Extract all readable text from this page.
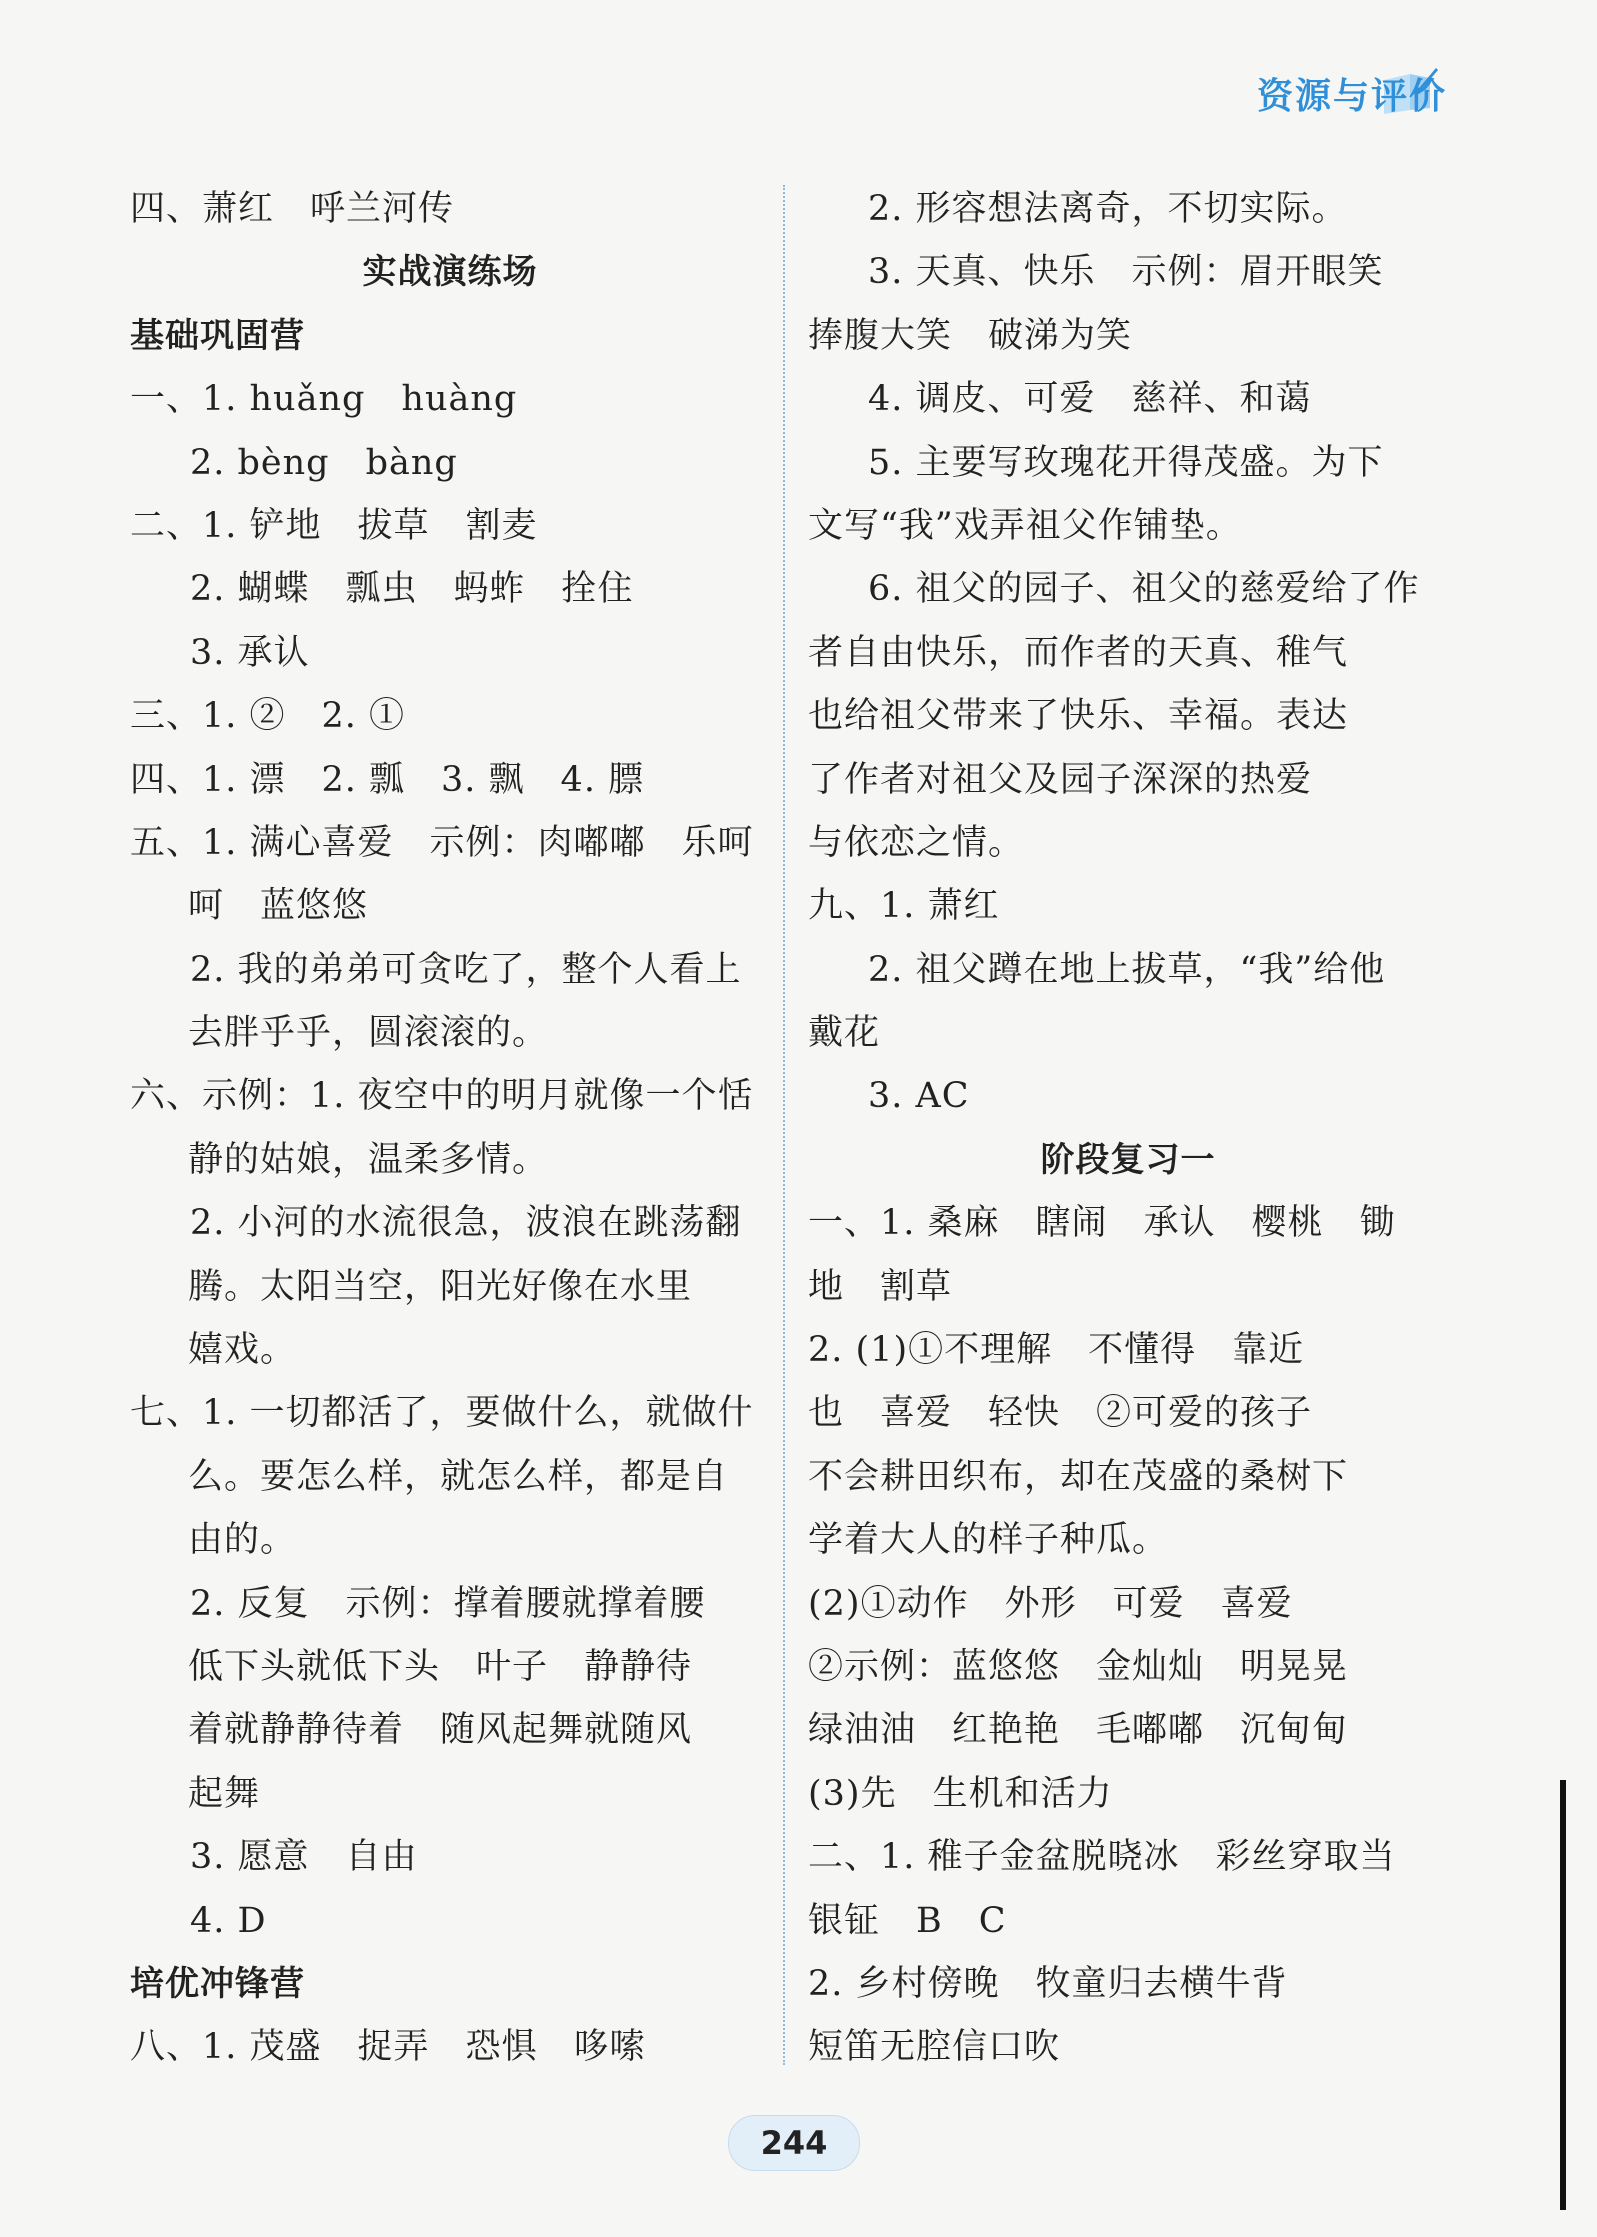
资源与评价
四、萧红　呼兰河传
实战演练场
基础巩固营
一、1. huǎng　huàng
2. bèng　bàng
二、1. 铲地　拔草　割麦
2. 蝴蝶　瓢虫　蚂蚱　拴住
3. 承认
三、1. ②　2. ①
四、1. 漂　2. 瓢　3. 飘　4. 膘
五、1. 满心喜爱　示例：肉嘟嘟　乐呵
呵　蓝悠悠
2. 我的弟弟可贪吃了，整个人看上
去胖乎乎，圆滚滚的。
六、示例：1. 夜空中的明月就像一个恬
静的姑娘，温柔多情。
2. 小河的水流很急，波浪在跳荡翻
腾。太阳当空，阳光好像在水里
嬉戏。
七、1. 一切都活了，要做什么，就做什
么。要怎么样，就怎么样，都是自
由的。
2. 反复　示例：撑着腰就撑着腰
低下头就低下头　叶子　静静待
着就静静待着　随风起舞就随风
起舞
3. 愿意　自由
4. D
培优冲锋营
八、1. 茂盛　捉弄　恐惧　哆嗦
2. 形容想法离奇，不切实际。
3. 天真、快乐　示例：眉开眼笑
捧腹大笑　破涕为笑
4. 调皮、可爱　慈祥、和蔼
5. 主要写玫瑰花开得茂盛。为下
文写“我”戏弄祖父作铺垫。
6. 祖父的园子、祖父的慈爱给了作
者自由快乐，而作者的天真、稚气
也给祖父带来了快乐、幸福。表达
了作者对祖父及园子深深的热爱
与依恋之情。
九、1. 萧红
2. 祖父蹲在地上拔草，“我”给他
戴花
3. AC
阶段复习一
一、1. 桑麻　瞎闹　承认　樱桃　锄
地　割草
2. (1)①不理解　不懂得　靠近
也　喜爱　轻快　②可爱的孩子
不会耕田织布，却在茂盛的桑树下
学着大人的样子种瓜。
(2)①动作　外形　可爱　喜爱
②示例：蓝悠悠　金灿灿　明晃晃
绿油油　红艳艳　毛嘟嘟　沉甸甸
(3)先　生机和活力
二、1. 稚子金盆脱晓冰　彩丝穿取当
银钲　B　C
2. 乡村傍晚　牧童归去横牛背
短笛无腔信口吹
244
